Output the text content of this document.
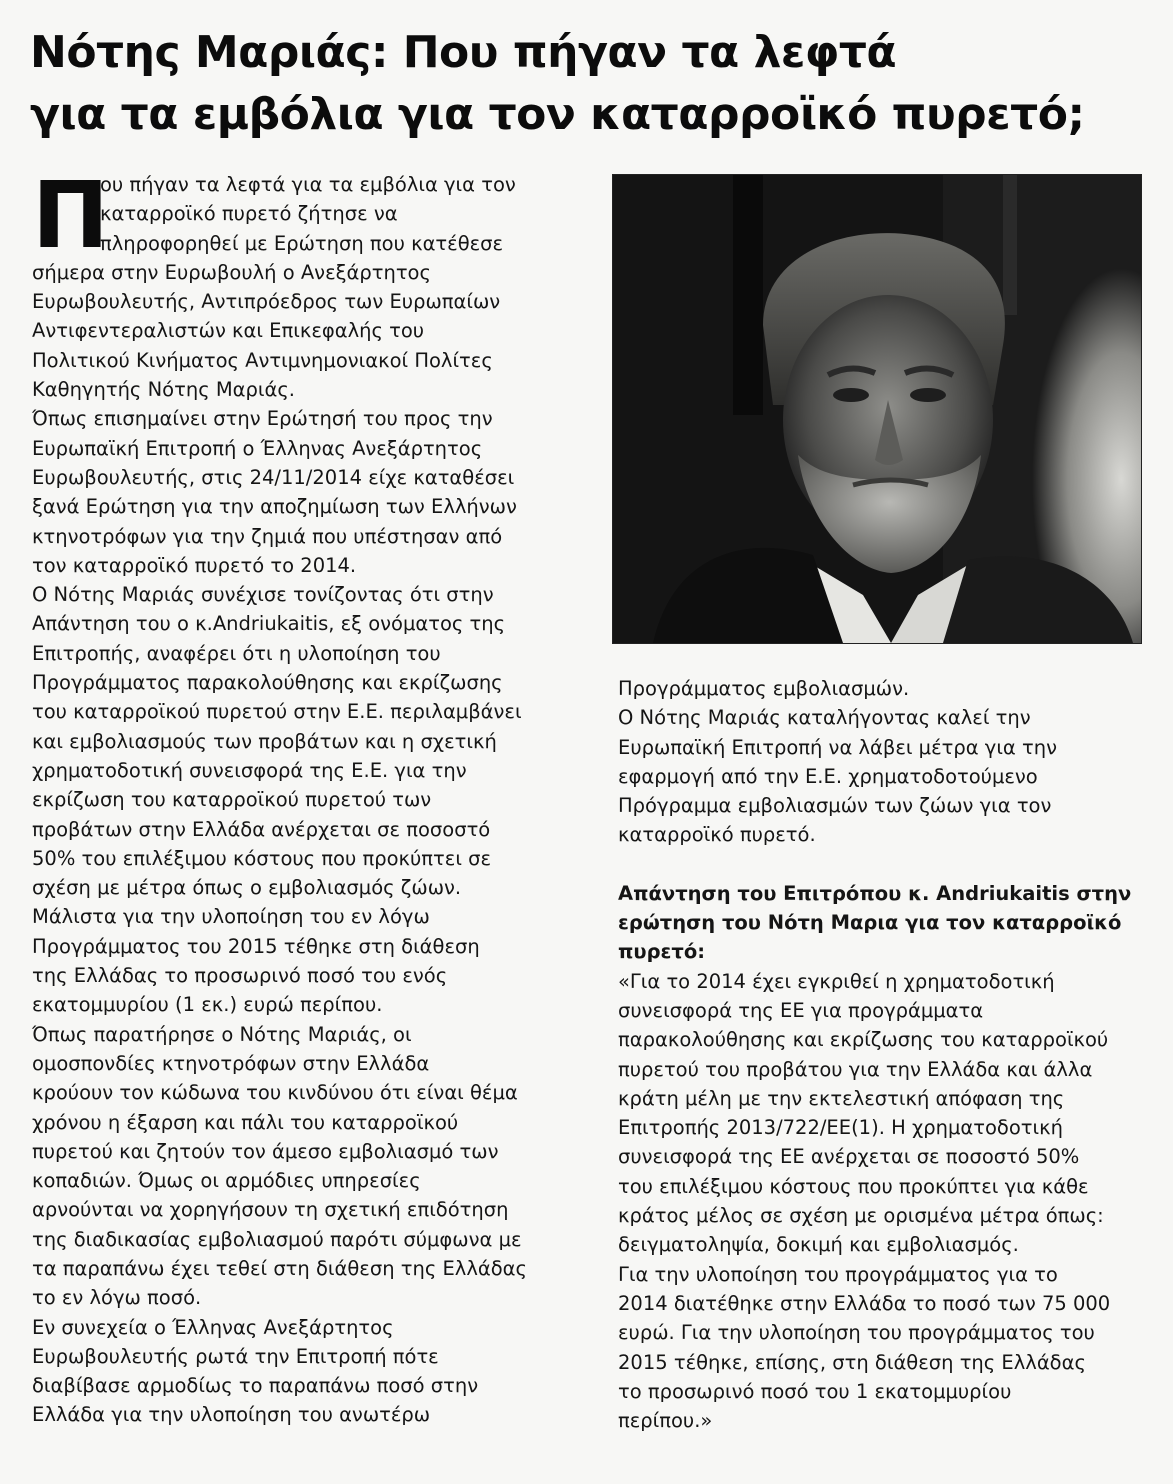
Νότης Μαριάς: Που πήγαν τα λεφτά
για τα εμβόλια για τον καταρροϊκό πυρετό;
Π
ου πήγαν τα λεφτά για τα εμβόλια για τον
καταρροϊκό πυρετό ζήτησε να
πληροφορηθεί με Ερώτηση που κατέθεσε
σήμερα στην Ευρωβουλή ο Ανεξάρτητος
Ευρωβουλευτής, Αντιπρόεδρος των Ευρωπαίων
Αντιφεντεραλιστών και Επικεφαλής του
Πολιτικού Κινήματος Αντιμνημονιακοί Πολίτες
Καθηγητής Νότης Μαριάς.
Όπως επισημαίνει στην Ερώτησή του προς την
Ευρωπαϊκή Επιτροπή ο Έλληνας Ανεξάρτητος
Ευρωβουλευτής, στις 24/11/2014 είχε καταθέσει
ξανά Ερώτηση για την αποζημίωση των Ελλήνων
κτηνοτρόφων για την ζημιά που υπέστησαν από
τον καταρροϊκό πυρετό το 2014.
Ο Νότης Μαριάς συνέχισε τονίζοντας ότι στην
Απάντηση του ο κ.Andriukaitis, εξ ονόματος της
Επιτροπής, αναφέρει ότι η υλοποίηση του
Προγράμματος παρακολούθησης και εκρίζωσης
του καταρροϊκού πυρετού στην Ε.Ε. περιλαμβάνει
και εμβολιασμούς των προβάτων και η σχετική
χρηματοδοτική συνεισφορά της Ε.Ε. για την
εκρίζωση του καταρροϊκού πυρετού των
προβάτων στην Ελλάδα ανέρχεται σε ποσοστό
50% του επιλέξιμου κόστους που προκύπτει σε
σχέση με μέτρα όπως ο εμβολιασμός ζώων.
Μάλιστα για την υλοποίηση του εν λόγω
Προγράμματος του 2015 τέθηκε στη διάθεση
της Ελλάδας το προσωρινό ποσό του ενός
εκατομμυρίου (1 εκ.) ευρώ περίπου.
Όπως παρατήρησε ο Νότης Μαριάς, οι
ομοσπονδίες κτηνοτρόφων στην Ελλάδα
κρούουν τον κώδωνα του κινδύνου ότι είναι θέμα
χρόνου η έξαρση και πάλι του καταρροϊκού
πυρετού και ζητούν τον άμεσο εμβολιασμό των
κοπαδιών. Όμως οι αρμόδιες υπηρεσίες
αρνούνται να χορηγήσουν τη σχετική επιδότηση
της διαδικασίας εμβολιασμού παρότι σύμφωνα με
τα παραπάνω έχει τεθεί στη διάθεση της Ελλάδας
το εν λόγω ποσό.
Εν συνεχεία ο Έλληνας Ανεξάρτητος
Ευρωβουλευτής ρωτά την Επιτροπή πότε
διαβίβασε αρμοδίως το παραπάνω ποσό στην
Ελλάδα για την υλοποίηση του ανωτέρω
Προγράμματος εμβολιασμών.
Ο Νότης Μαριάς καταλήγοντας καλεί την
Ευρωπαϊκή Επιτροπή να λάβει μέτρα για την
εφαρμογή από την Ε.Ε. χρηματοδοτούμενο
Πρόγραμμα εμβολιασμών των ζώων για τον
καταρροϊκό πυρετό.
Απάντηση του Επιτρόπου κ. Andriukaitis στην
ερώτηση του Νότη Μαρια για τον καταρροϊκό
πυρετό:
«Για το 2014 έχει εγκριθεί η χρηματοδοτική
συνεισφορά της ΕΕ για προγράμματα
παρακολούθησης και εκρίζωσης του καταρροϊκού
πυρετού του προβάτου για την Ελλάδα και άλλα
κράτη μέλη με την εκτελεστική απόφαση της
Επιτροπής 2013/722/ΕΕ(1). Η χρηματοδοτική
συνεισφορά της ΕΕ ανέρχεται σε ποσοστό 50%
του επιλέξιμου κόστους που προκύπτει για κάθε
κράτος μέλος σε σχέση με ορισμένα μέτρα όπως:
δειγματοληψία, δοκιμή και εμβολιασμός.
Για την υλοποίηση του προγράμματος για το
2014 διατέθηκε στην Ελλάδα το ποσό των 75 000
ευρώ. Για την υλοποίηση του προγράμματος του
2015 τέθηκε, επίσης, στη διάθεση της Ελλάδας
το προσωρινό ποσό του 1 εκατομμυρίου
περίπου.»
